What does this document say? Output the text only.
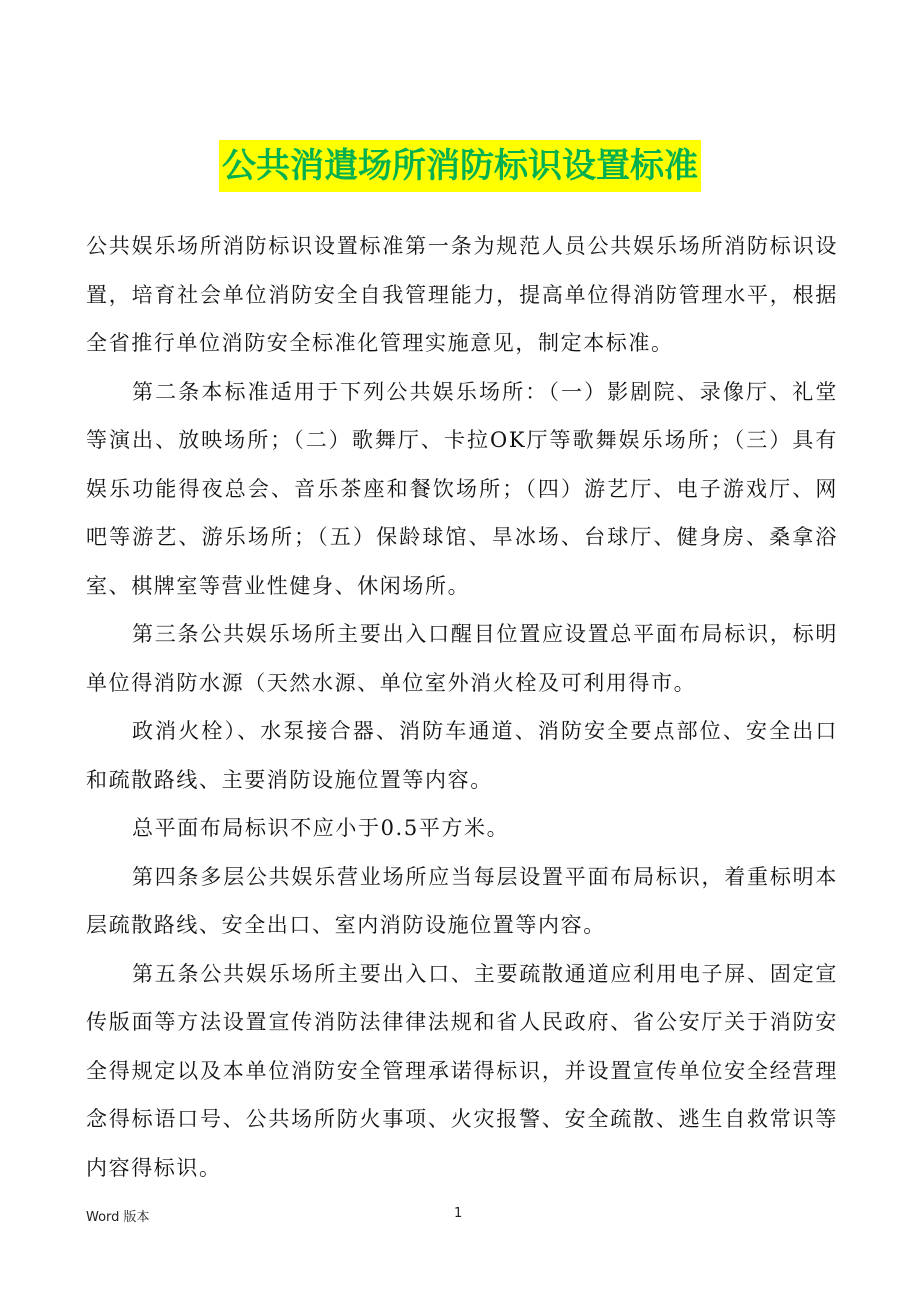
公共消遣场所消防标识设置标准

公共娱乐场所消防标识设置标准第一条为规范人员公共娱乐场所消防标识设置，培育社会单位消防安全自我管理能力，提高单位得消防管理水平，根据全省推行单位消防安全标准化管理实施意见，制定本标准。

第二条本标准适用于下列公共娱乐场所：（一）影剧院、录像厅、礼堂等演出、放映场所；（二）歌舞厅、卡拉OK厅等歌舞娱乐场所；（三）具有娱乐功能得夜总会、音乐茶座和餐饮场所；（四）游艺厅、电子游戏厅、网吧等游艺、游乐场所；（五）保龄球馆、旱冰场、台球厅、健身房、桑拿浴室、棋牌室等营业性健身、休闲场所。

第三条公共娱乐场所主要出入口醒目位置应设置总平面布局标识，标明单位得消防水源（天然水源、单位室外消火栓及可利用得市。

政消火栓）、水泵接合器、消防车通道、消防安全要点部位、安全出口和疏散路线、主要消防设施位置等内容。

总平面布局标识不应小于0.5平方米。

第四条多层公共娱乐营业场所应当每层设置平面布局标识，着重标明本层疏散路线、安全出口、室内消防设施位置等内容。

第五条公共娱乐场所主要出入口、主要疏散通道应利用电子屏、固定宣传版面等方法设置宣传消防法律律法规和省人民政府、省公安厅关于消防安全得规定以及本单位消防安全管理承诺得标识，并设置宣传单位安全经营理念得标语口号、公共场所防火事项、火灾报警、安全疏散、逃生自救常识等内容得标识。

Word 版本	1
